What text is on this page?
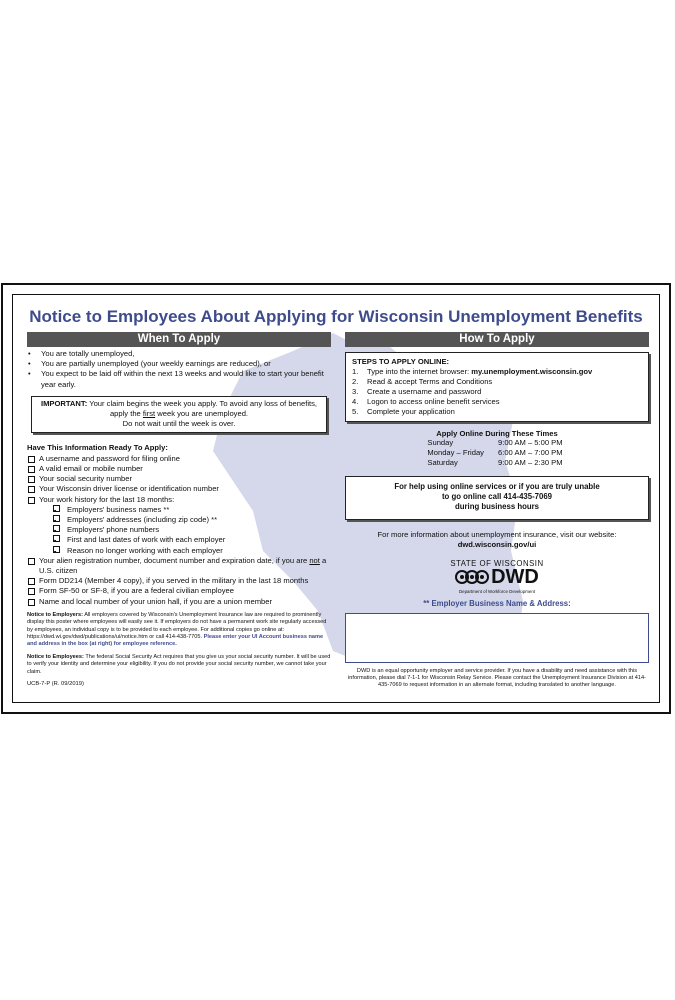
Notice to Employees About Applying for Wisconsin Unemployment Benefits
When To Apply
• You are totally unemployed,
• You are partially unemployed (your weekly earnings are reduced), or
• You expect to be laid off within the next 13 weeks and would like to start your benefit year early.
IMPORTANT: Your claim begins the week you apply. To avoid any loss of benefits, apply the first week you are unemployed.
Do not wait until the week is over.
Have This Information Ready To Apply:
A username and password for filing online
A valid email or mobile number
Your social security number
Your Wisconsin driver license or identification number
Your work history for the last 18 months:
■ Employers' business names **
■ Employers' addresses (including zip code) **
■ Employers' phone numbers
■ First and last dates of work with each employer
■ Reason no longer working with each employer
Your alien registration number, document number and expiration date, if you are not a U.S. citizen
Form DD214 (Member 4 copy), if you served in the military in the last 18 months
Form SF-50 or SF-8, if you are a federal civilian employee
Name and local number of your union hall, if you are a union member
Notice to Employers: All employers covered by Wisconsin's Unemployment Insurance law are required to prominently display this poster where employees will easily see it. If employers do not have a permanent work site regularly accessed by employees, an individual copy is to be provided to each employee. For additional copies go online at: https://dwd.wi.gov/dwd/publications/ui/notice.htm or call 414-438-7705. Please enter your UI Account business name and address in the box (at right) for employee reference.
Notice to Employees: The federal Social Security Act requires that you give us your social security number. It will be used to verify your identity and determine your eligibility. If you do not provide your social security number, we cannot take your claim.
UCB-7-P (R. 09/2019)
How To Apply
STEPS TO APPLY ONLINE:
1. Type into the internet browser: my.unemployment.wisconsin.gov
2. Read & accept Terms and Conditions
3. Create a username and password
4. Logon to access online benefit services
5. Complete your application
Apply Online During These Times
Sunday	9:00 AM – 5:00 PM
Monday – Friday	6:00 AM – 7:00 PM
Saturday	9:00 AM – 2:30 PM
For help using online services or if you are truly unable
to go online call 414-435-7069
during business hours
For more information about unemployment insurance, visit our website:
dwd.wisconsin.gov/ui
STATE OF WISCONSIN
DWD
Department of Workforce Development
** Employer Business Name & Address:
DWD is an equal opportunity employer and service provider. If you have a disability and need assistance with this information, please dial 7-1-1 for Wisconsin Relay Service. Please contact the Unemployment Insurance Division at 414-435-7069 to request information in an alternate format, including translated to another language.
